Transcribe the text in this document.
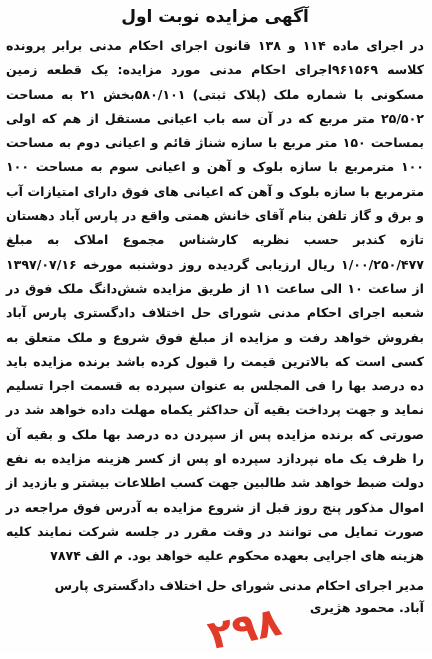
آگهی مزایده نوبت اول

در اجرای ماده ۱۱۴ و ۱۳۸ قانون اجرای احکام مدنی برابر پرونده کلاسه ۹۶۱۵۶۹اجرای احکام مدنی مورد مزایده: یک قطعه زمین مسکونی با شماره ملک (پلاک ثبتی) ۵۸۰/۱۰۱بخش ۲۱ به مساحت ۲۵/۵۰۲ متر مربع که در آن سه باب اعیانی مستقل از هم که اولی بمساحت ۱۵۰ متر مربع با سازه شناژ قائم و اعیانی دوم به مساحت ۱۰۰ مترمربع با سازه بلوک و آهن و اعیانی سوم به مساحت ۱۰۰ مترمربع با سازه بلوک و آهن که اعیانی های فوق دارای امتیازات آب و برق و گاز تلفن بنام آقای خانش همتی واقع در پارس آباد دهستان تازه کندبر حسب نظریه کارشناس مجموع املاک به مبلغ ۱/۰۰/۲۵۰/۴۷۷ ریال ارزیابی گردیده روز دوشنبه مورخه ۱۳۹۷/۰۷/۱۶ از ساعت ۱۰ الی ساعت ۱۱ از طریق مزایده شش‌دانگ ملک فوق در شعبه اجرای احکام مدنی شورای حل اختلاف دادگستری پارس آباد بفروش خواهد رفت و مزایده از مبلغ فوق شروع و ملک متعلق به کسی است که بالاترین قیمت را قبول کرده باشد برنده مزایده باید ده درصد بها را فی المجلس به عنوان سپرده به قسمت اجرا تسلیم نماید و جهت پرداخت بقیه آن حداکثر یکماه مهلت داده خواهد شد در صورتی که برنده مزایده پس از سپردن ده درصد بها ملک و بقیه آن را ظرف یک ماه نپردازد سپرده او پس از کسر هزینه مزایده به نفع دولت ضبط خواهد شد طالبین جهت کسب اطلاعات بیشتر و بازدید از اموال مذکور پنج روز قبل از شروع مزایده به آدرس فوق مراجعه در صورت تمایل می توانند در وقت مقرر در جلسه شرکت نمایند کلیه هزینه های اجرایی بعهده محکوم علیه خواهد بود. م الف ۷۸۷۴

مدیر اجرای احکام مدنی شورای حل اختلاف دادگستری پارس
آباد. محمود هژیری
۲۹۸
